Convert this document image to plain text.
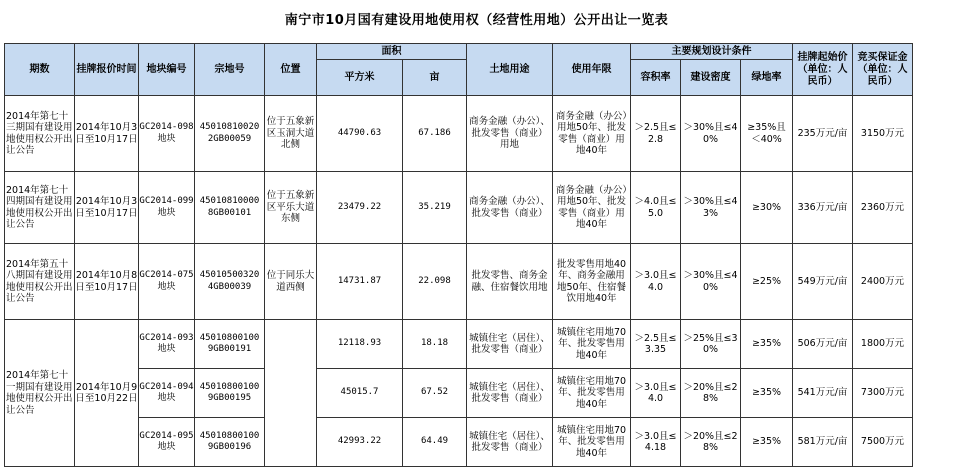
南宁市10月国有建设用地使用权（经营性用地）公开出让一览表
期数	挂牌报价时间	地块编号	宗地号	位置	面积		土地用途	使用年限	主要规划设计条件			挂牌起始价（单位：人民币）	竞买保证金（单位：人民币）
					平方米	亩			容积率	建设密度	绿地率		
2014年第七十三期国有建设用地使用权公开出让公告	2014年10月3日至10月17日	GC2014-098地块	450108100202GB00059	位于五象新区玉洞大道北侧	44790.63	67.186	商务金融（办公）、批发零售（商业）用地	商务金融（办公）用地50年、批发零售（商业）用地40年	＞2.5且≤2.8	＞30%且≤40%	≥35%且＜40%	235万元/亩	3150万元
2014年第七十四期国有建设用地使用权公开出让公告	2014年10月3日至10月17日	GC2014-099地块	450108100008GB00101	位于五象新区平乐大道东侧	23479.22	35.219	商务金融（办公）、批发零售（商业）	商务金融（办公）用地50年、批发零售（商业）用地40年	＞4.0且≤5.0	＞30%且≤43%	≥30%	336万元/亩	2360万元
2014年第五十八期国有建设用地使用权公开出让公告	2014年10月8日至10月17日	GC2014-075地块	450105003204GB00039	位于同乐大道西侧	14731.87	22.098	批发零售、商务金融、住宿餐饮用地	批发零售用地40年、商务金融用地50年、住宿餐饮用地40年	＞3.0且≤4.0	＞30%且≤40%	≥25%	549万元/亩	2400万元
2014年第七十一期国有建设用地使用权公开出让公告	2014年10月9日至10月22日	GC2014-093地块	450108001009GB00191		12118.93	18.18	城镇住宅（居住）、批发零售（商业）	城镇住宅用地70年、批发零售用地40年	＞2.5且≤3.35	＞25%且≤30%	≥35%	506万元/亩	1800万元
		GC2014-094地块	450108001009GB00195		45015.7	67.52	城镇住宅（居住）、批发零售（商业）	城镇住宅用地70年、批发零售用地40年	＞3.0且≤4.0	＞20%且≤28%	≥35%	541万元/亩	7300万元
		GC2014-095地块	450108001009GB00196		42993.22	64.49	城镇住宅（居住）、批发零售（商业）	城镇住宅用地70年、批发零售用地40年	＞3.0且≤4.18	＞20%且≤28%	≥35%	581万元/亩	7500万元
